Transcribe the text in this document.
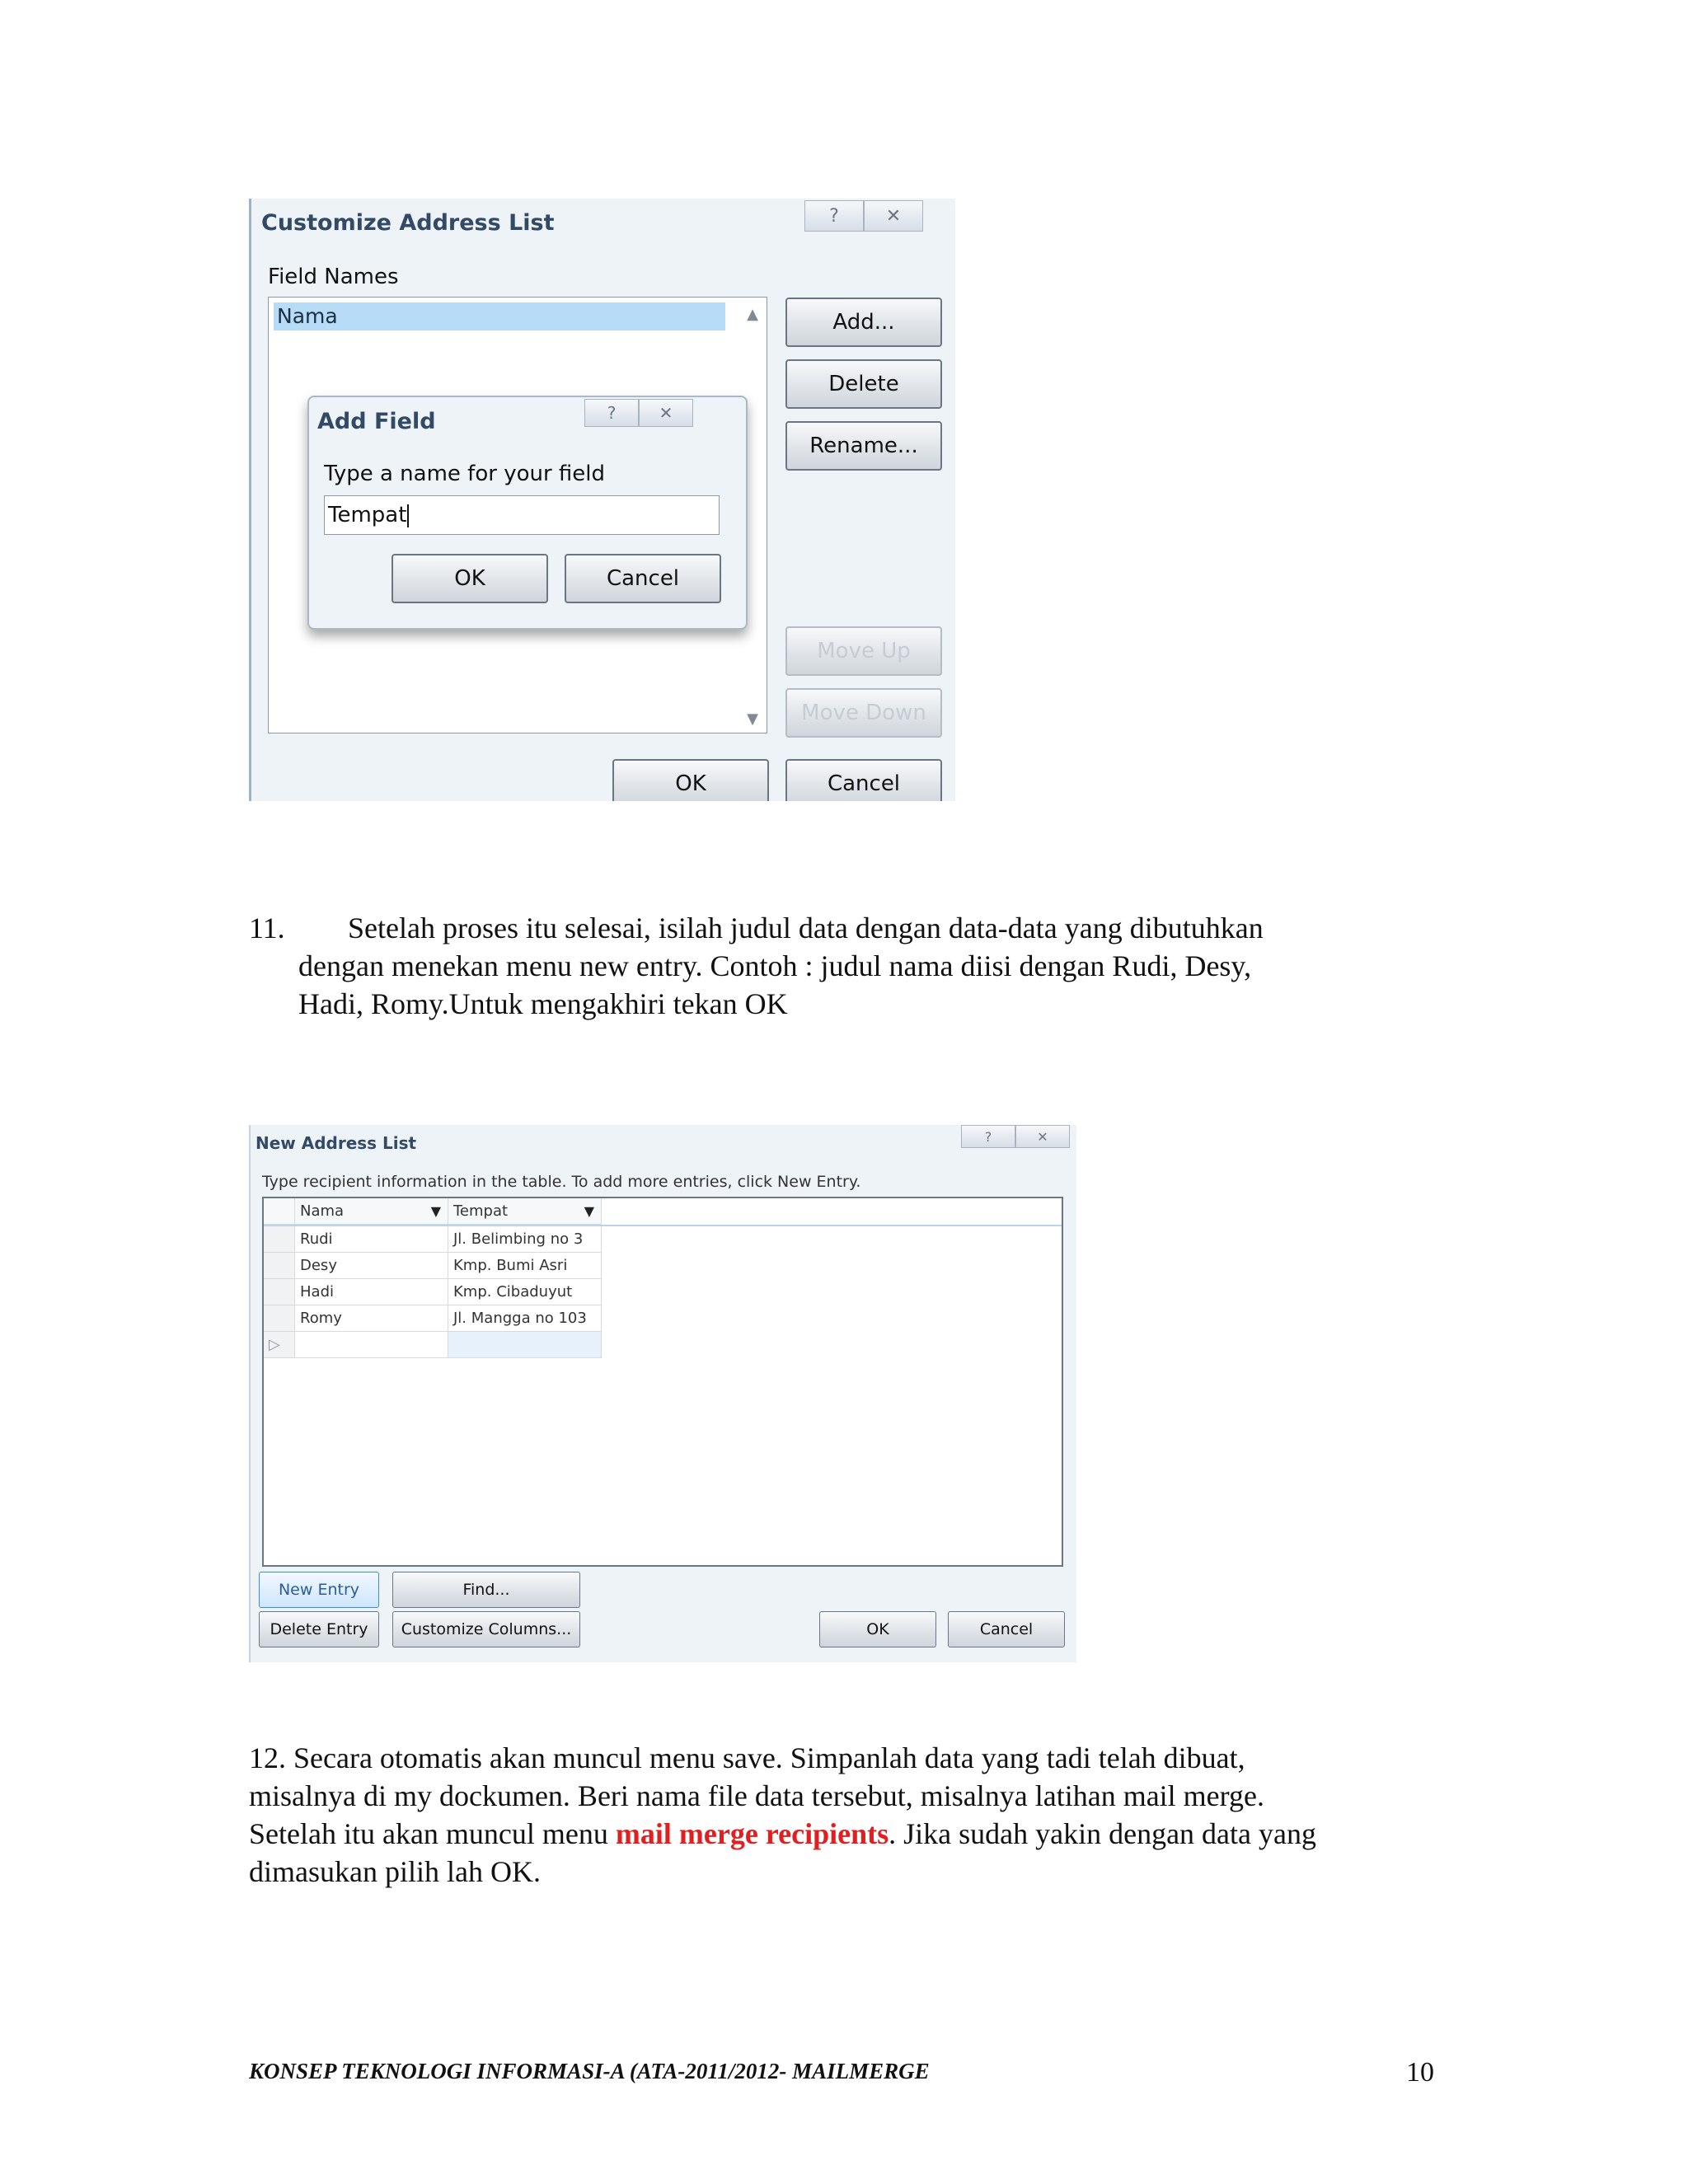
Customize Address List	?	✕
Field Names
Nama	▲
▼
Add...
Delete
Rename...
Move Up
Move Down
OK	Cancel
Add Field	?	✕
Type a name for your field
Tempat
OK	Cancel
11. Setelah proses itu selesai, isilah judul data dengan data-data yang dibutuhkan
dengan menekan menu new entry. Contoh : judul nama diisi dengan Rudi, Desy,
Hadi, Romy.Untuk mengakhiri tekan OK
New Address List	?	✕
Type recipient information in the table. To add more entries, click New Entry.
Nama	▼ Tempat	▼
Rudi	Jl. Belimbing no 3
Desy	Kmp. Bumi Asri
Hadi	Kmp. Cibaduyut
Romy	Jl. Mangga no 103
▷
New Entry	Find...
Delete Entry	Customize Columns...	OK	Cancel
12. Secara otomatis akan muncul menu save. Simpanlah data yang tadi telah dibuat,
misalnya di my dockumen. Beri nama file data tersebut, misalnya latihan mail merge.
Setelah itu akan muncul menu mail merge recipients. Jika sudah yakin dengan data yang
dimasukan pilih lah OK.
KONSEP TEKNOLOGI INFORMASI-A (ATA-2011/2012- MAILMERGE	10
